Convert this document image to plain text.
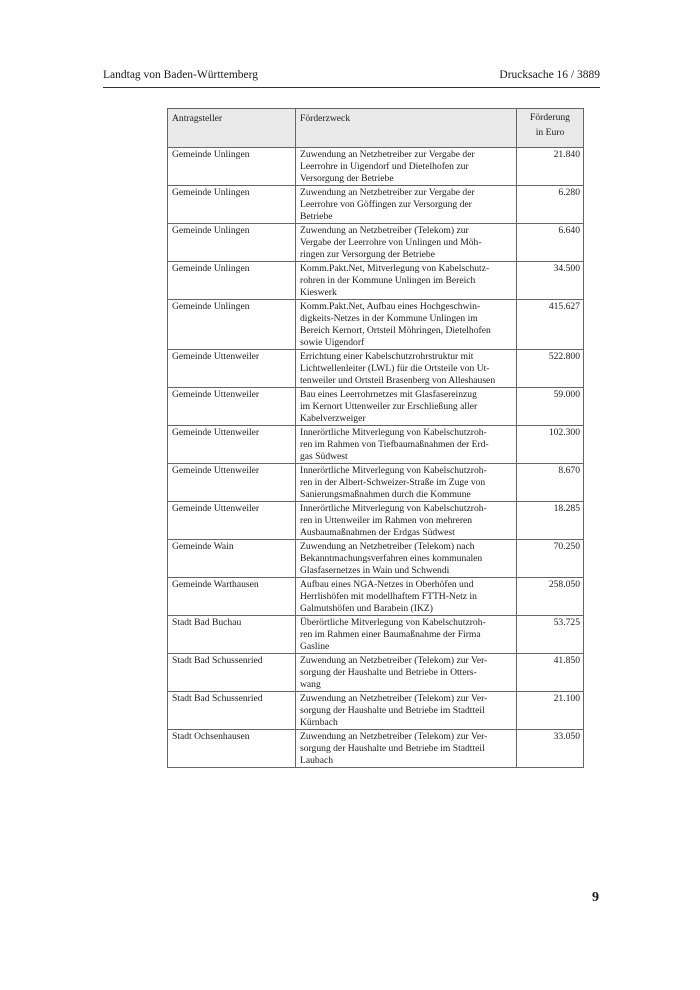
Landtag von Baden-Württemberg	Drucksache 16 / 3889
Antragsteller	Förderzweck	Förderung
in Euro
Gemeinde Unlingen	Zuwendung an Netzbetreiber zur Vergabe der
Leerrohre in Uigendorf und Dietelhofen zur
Versorgung der Betriebe	21.840
Gemeinde Unlingen	Zuwendung an Netzbetreiber zur Vergabe der
Leerrohre von Göffingen zur Versorgung der
Betriebe	6.280
Gemeinde Unlingen	Zuwendung an Netzbetreiber (Telekom) zur
Vergabe der Leerrohre von Unlingen und Möh-
ringen zur Versorgung der Betriebe	6.640
Gemeinde Unlingen	Komm.Pakt.Net, Mitverlegung von Kabelschutz-
rohren in der Kommune Unlingen im Bereich
Kieswerk	34.500
Gemeinde Unlingen	Komm.Pakt.Net, Aufbau eines Hochgeschwin-
digkeits-Netzes in der Kommune Unlingen im
Bereich Kernort, Ortsteil Möhringen, Dietelhofen
sowie Uigendorf	415.627
Gemeinde Uttenweiler	Errichtung einer Kabelschutzrohrstruktur mit
Lichtwellenleiter (LWL) für die Ortsteile von Ut-
tenweiler und Ortsteil Brasenberg von Alleshausen	522.800
Gemeinde Uttenweiler	Bau eines Leerrohrnetzes mit Glasfasereinzug
im Kernort Uttenweiler zur Erschließung aller
Kabelverzweiger	59.000
Gemeinde Uttenweiler	Innerörtliche Mitverlegung von Kabelschutzroh-
ren im Rahmen von Tiefbaumaßnahmen der Erd-
gas Südwest	102.300
Gemeinde Uttenweiler	Innerörtliche Mitverlegung von Kabelschutzroh-
ren in der Albert-Schweizer-Straße im Zuge von
Sanierungsmaßnahmen durch die Kommune	8.670
Gemeinde Uttenweiler	Innerörtliche Mitverlegung von Kabelschutzroh-
ren in Uttenweiler im Rahmen von mehreren
Ausbaumaßnahmen der Erdgas Südwest	18.285
Gemeinde Wain	Zuwendung an Netzbetreiber (Telekom) nach
Bekanntmachungsverfahren eines kommunalen
Glasfasernetzes in Wain und Schwendi	70.250
Gemeinde Warthausen	Aufbau eines NGA-Netzes in Oberhöfen und
Herrlishöfen mit modellhaftem FTTH-Netz in
Galmutshöfen und Barabein (IKZ)	258.050
Stadt Bad Buchau	Überörtliche Mitverlegung von Kabelschutzroh-
ren im Rahmen einer Baumaßnahme der Firma
Gasline	53.725
Stadt Bad Schussenried	Zuwendung an Netzbetreiber (Telekom) zur Ver-
sorgung der Haushalte und Betriebe in Otters-
wang	41.850
Stadt Bad Schussenried	Zuwendung an Netzbetreiber (Telekom) zur Ver-
sorgung der Haushalte und Betriebe im Stadtteil
Kürnbach	21.100
Stadt Ochsenhausen	Zuwendung an Netzbetreiber (Telekom) zur Ver-
sorgung der Haushalte und Betriebe im Stadtteil
Laubach	33.050
9
